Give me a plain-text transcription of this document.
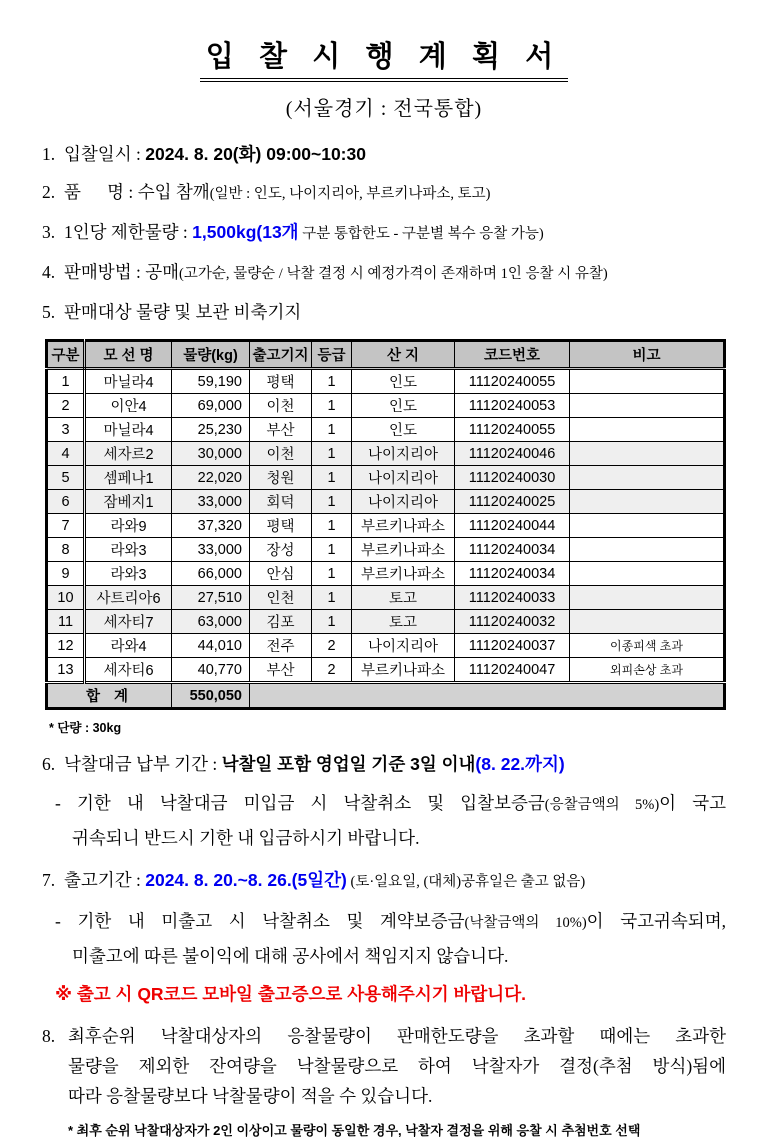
입 찰 시 행 계 획 서
(서울경기 : 전국통합)
1. 입찰일시 : 2024. 8. 20(화) 09:00~10:30
2. 품      명 : 수입 참깨(일반 : 인도, 나이지리아, 부르키나파소, 토고)
3. 1인당 제한물량 : 1,500kg(13개 구분 통합한도 - 구분별 복수 응찰 가능)
4. 판매방법 : 공매(고가순, 물량순 / 낙찰 결정 시 예정가격이 존재하며 1인 응찰 시 유찰)
5. 판매대상 물량 및 보관 비축기지
구분	모 선 명	물량(kg)	출고기지	등급	산 지	코드번호	비고
1	마닐라4	59,190	평택	1	인도	11120240055	
2	이안4	69,000	이천	1	인도	11120240053	
3	마닐라4	25,230	부산	1	인도	11120240055	
4	세자르2	30,000	이천	1	나이지리아	11120240046	
5	셈페나1	22,020	청원	1	나이지리아	11120240030	
6	잠베지1	33,000	회덕	1	나이지리아	11120240025	
7	라와9	37,320	평택	1	부르키나파소	11120240044	
8	라와3	33,000	장성	1	부르키나파소	11120240034	
9	라와3	66,000	안심	1	부르키나파소	11120240034	
10	사트리아6	27,510	인천	1	토고	11120240033	
11	세자티7	63,000	김포	1	토고	11120240032	
12	라와4	44,010	전주	2	나이지리아	11120240037	이종피색 초과
13	세자티6	40,770	부산	2	부르키나파소	11120240047	외피손상 초과
합 계		550,050					
* 단량 : 30kg
6. 낙찰대금 납부 기간 : 낙찰일 포함 영업일 기준 3일 이내(8. 22.까지)
- 기한 내 낙찰대금 미입금 시 낙찰취소 및 입찰보증금(응찰금액의 5%)이 국고
귀속되니 반드시 기한 내 입금하시기 바랍니다.
7. 출고기간 : 2024. 8. 20.~8. 26.(5일간) (토·일요일, (대체)공휴일은 출고 없음)
- 기한 내 미출고 시 낙찰취소 및 계약보증금(낙찰금액의 10%)이 국고귀속되며,
미출고에 따른 불이익에 대해 공사에서 책임지지 않습니다.
※ 출고 시 QR코드 모바일 출고증으로 사용해주시기 바랍니다.
8. 최후순위 낙찰대상자의 응찰물량이 판매한도량을 초과할 때에는 초과한
물량을 제외한 잔여량을 낙찰물량으로 하여 낙찰자가 결정(추첨 방식)됨에
따라 응찰물량보다 낙찰물량이 적을 수 있습니다.
* 최후 순위 낙찰대상자가 2인 이상이고 물량이 동일한 경우, 낙찰자 결정을 위해 응찰 시 추첨번호 선택
